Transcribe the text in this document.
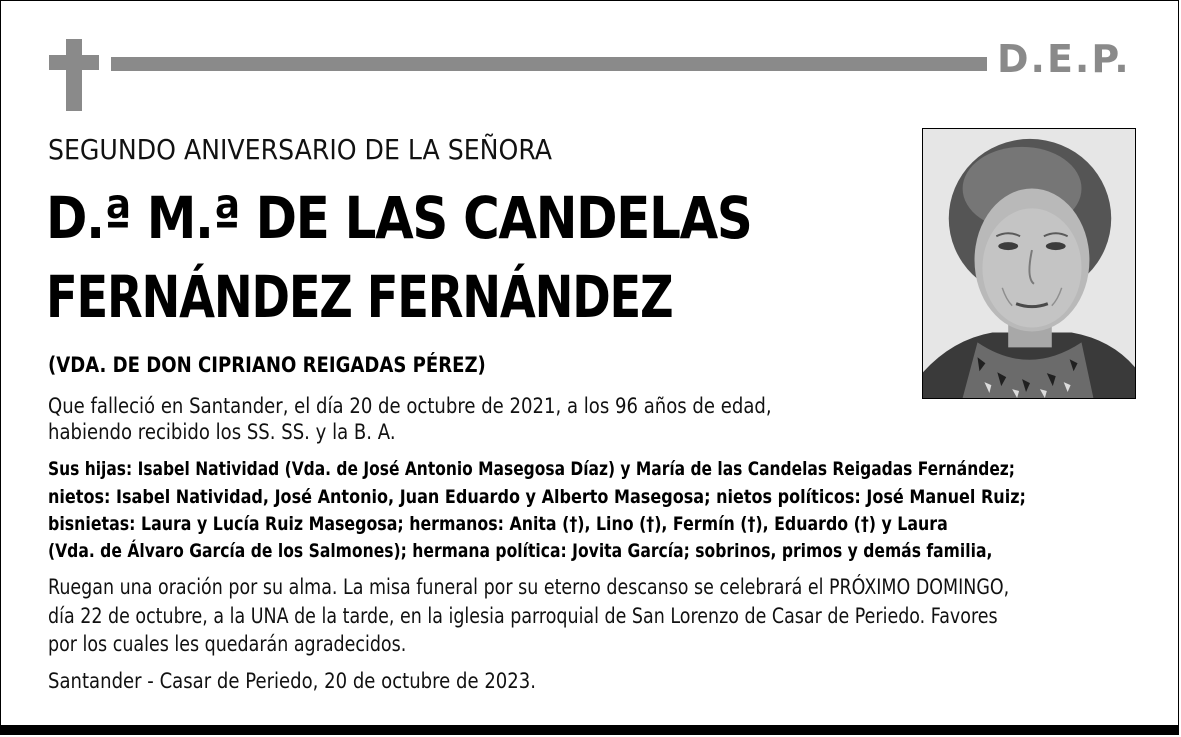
D.E.P.
SEGUNDO ANIVERSARIO DE LA SEÑORA
D.ª M.ª DE LAS CANDELAS
FERNÁNDEZ FERNÁNDEZ
(VDA. DE DON CIPRIANO REIGADAS PÉREZ)
Que falleció en Santander, el día 20 de octubre de 2021, a los 96 años de edad,
habiendo recibido los SS. SS. y la B. A.
Sus hijas: Isabel Natividad (Vda. de José Antonio Masegosa Díaz) y María de las Candelas Reigadas Fernández;
nietos: Isabel Natividad, José Antonio, Juan Eduardo y Alberto Masegosa; nietos políticos: José Manuel Ruiz;
bisnietas: Laura y Lucía Ruiz Masegosa; hermanos: Anita (†), Lino (†), Fermín (†), Eduardo (†) y Laura
(Vda. de Álvaro García de los Salmones); hermana política: Jovita García; sobrinos, primos y demás familia,
Ruegan una oración por su alma. La misa funeral por su eterno descanso se celebrará el PRÓXIMO DOMINGO,
día 22 de octubre, a la UNA de la tarde, en la iglesia parroquial de San Lorenzo de Casar de Periedo. Favores
por los cuales les quedarán agradecidos.
Santander - Casar de Periedo, 20 de octubre de 2023.
